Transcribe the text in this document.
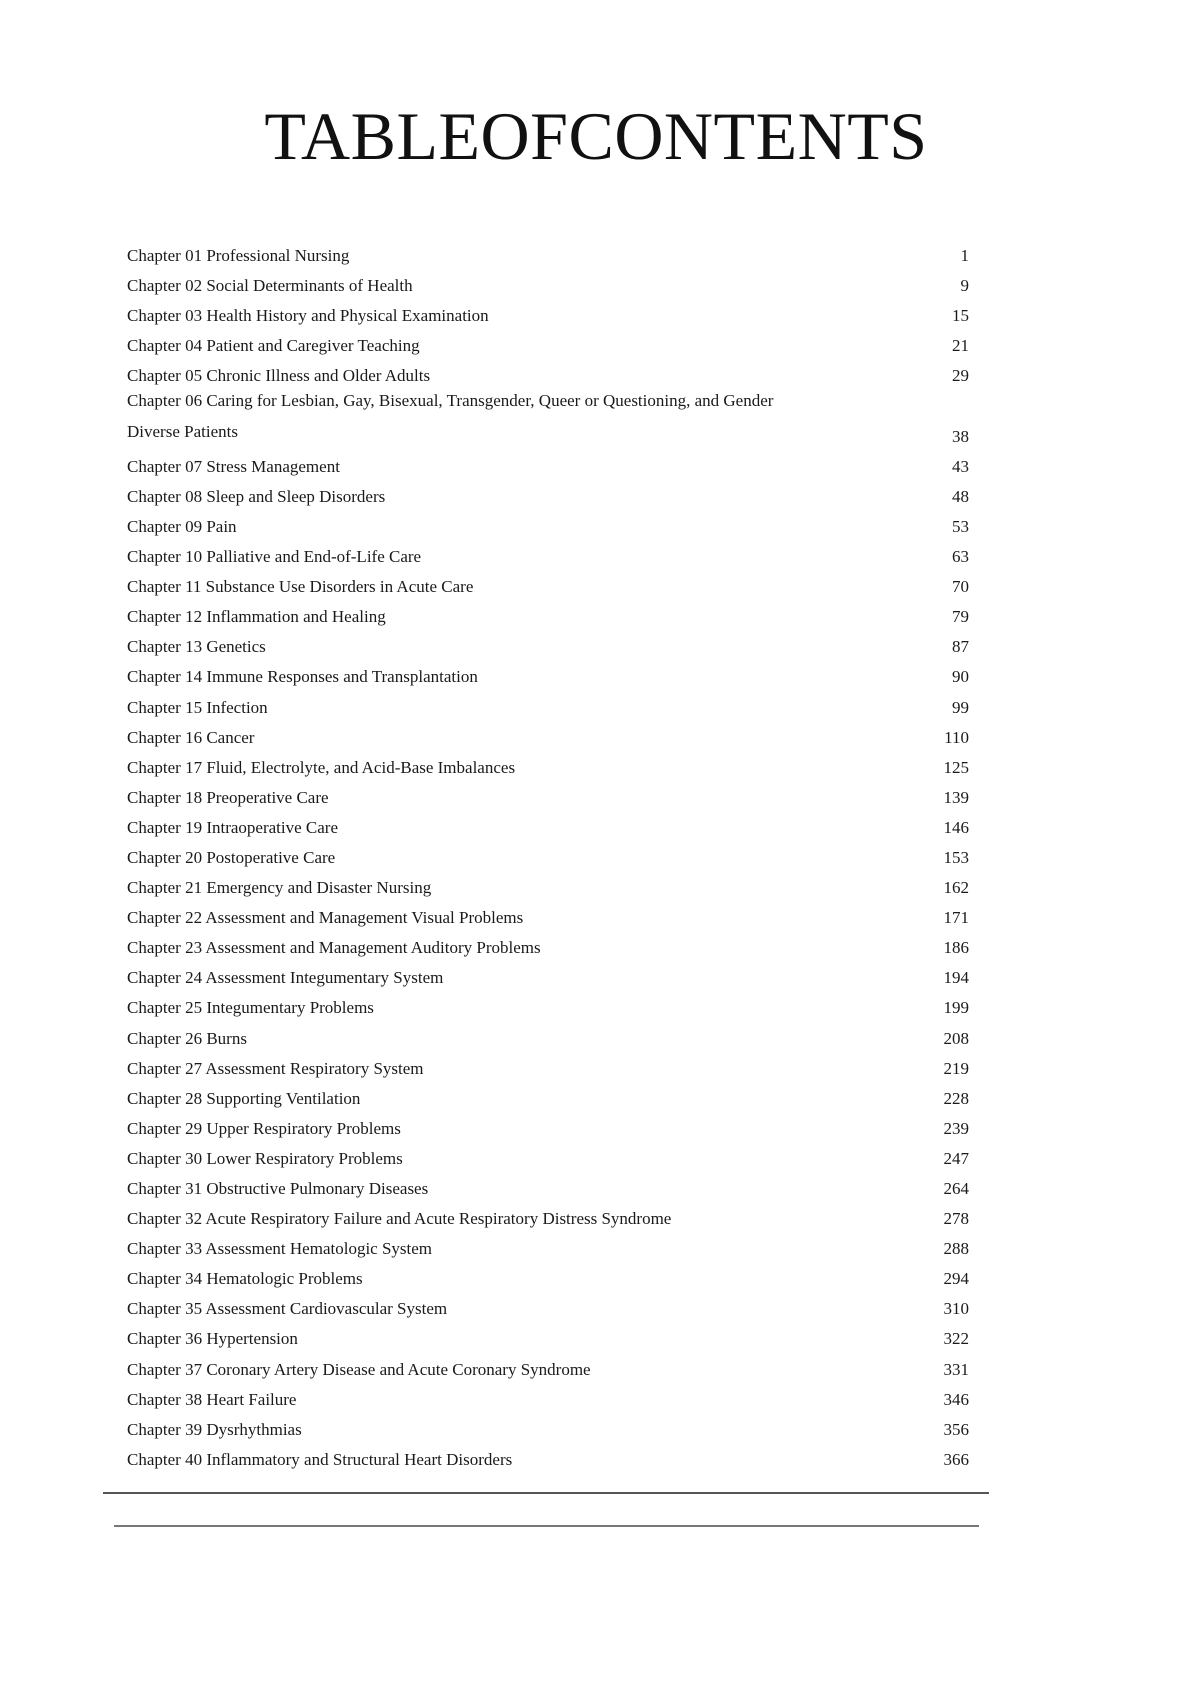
TABLEOFCONTENTS
Chapter 01 Professional Nursing	1
Chapter 02 Social Determinants of Health	9
Chapter 03 Health History and Physical Examination	15
Chapter 04 Patient and Caregiver Teaching	21
Chapter 05 Chronic Illness and Older Adults	29
Chapter 06 Caring for Lesbian, Gay, Bisexual, Transgender, Queer or Questioning, and Gender Diverse Patients	38
Chapter 07 Stress Management	43
Chapter 08 Sleep and Sleep Disorders	48
Chapter 09 Pain	53
Chapter 10 Palliative and End-of-Life Care	63
Chapter 11 Substance Use Disorders in Acute Care	70
Chapter 12 Inflammation and Healing	79
Chapter 13 Genetics	87
Chapter 14 Immune Responses and Transplantation	90
Chapter 15 Infection	99
Chapter 16 Cancer	110
Chapter 17 Fluid, Electrolyte, and Acid-Base Imbalances	125
Chapter 18 Preoperative Care	139
Chapter 19 Intraoperative Care	146
Chapter 20 Postoperative Care	153
Chapter 21 Emergency and Disaster Nursing	162
Chapter 22 Assessment and Management Visual Problems	171
Chapter 23 Assessment and Management Auditory Problems	186
Chapter 24 Assessment Integumentary System	194
Chapter 25 Integumentary Problems	199
Chapter 26 Burns	208
Chapter 27 Assessment Respiratory System	219
Chapter 28 Supporting Ventilation	228
Chapter 29 Upper Respiratory Problems	239
Chapter 30 Lower Respiratory Problems	247
Chapter 31 Obstructive Pulmonary Diseases	264
Chapter 32 Acute Respiratory Failure and Acute Respiratory Distress Syndrome	278
Chapter 33 Assessment Hematologic System	288
Chapter 34 Hematologic Problems	294
Chapter 35 Assessment Cardiovascular System	310
Chapter 36 Hypertension	322
Chapter 37 Coronary Artery Disease and Acute Coronary Syndrome	331
Chapter 38 Heart Failure	346
Chapter 39 Dysrhythmias	356
Chapter 40 Inflammatory and Structural Heart Disorders	366
